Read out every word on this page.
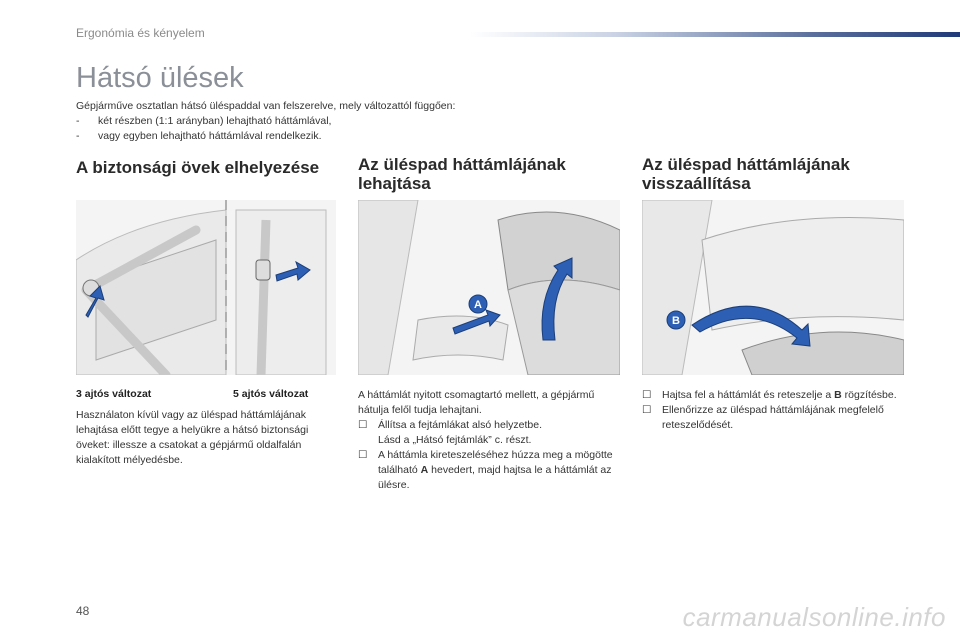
Ergonómia és kényelem
Hátsó ülések
Gépjárműve osztatlan hátsó üléspaddal van felszerelve, mely változattól függően:
-	két részben (1:1 arányban) lehajtható háttámlával,
-	vagy egyben lehajtható háttámlával rendelkezik.
A biztonsági övek elhelyezése
3 ajtós változat	5 ajtós változat
Használaton kívül vagy az üléspad háttámlájának lehajtása előtt tegye a helyükre a hátsó biztonsági öveket: illessze a csatokat a gépjármű oldalfalán kialakított mélyedésbe.
Az üléspad háttámlájának
lehajtása
A
A háttámlát nyitott csomagtartó mellett, a gépjármű hátulja felől tudja lehajtani.
☐	Állítsa a fejtámlákat alsó helyzetbe.
Lásd a „Hátsó fejtámlák” c. részt.
☐	A háttámla kireteszeléséhez húzza meg a mögötte található A hevedert, majd hajtsa le a háttámlát az ülésre.
Az üléspad háttámlájának
visszaállítása
B
☐	Hajtsa fel a háttámlát és reteszelje a B rögzítésbe.
☐	Ellenőrizze az üléspad háttámlájának megfelelő reteszelődését.
48	carmanualsonline.info
